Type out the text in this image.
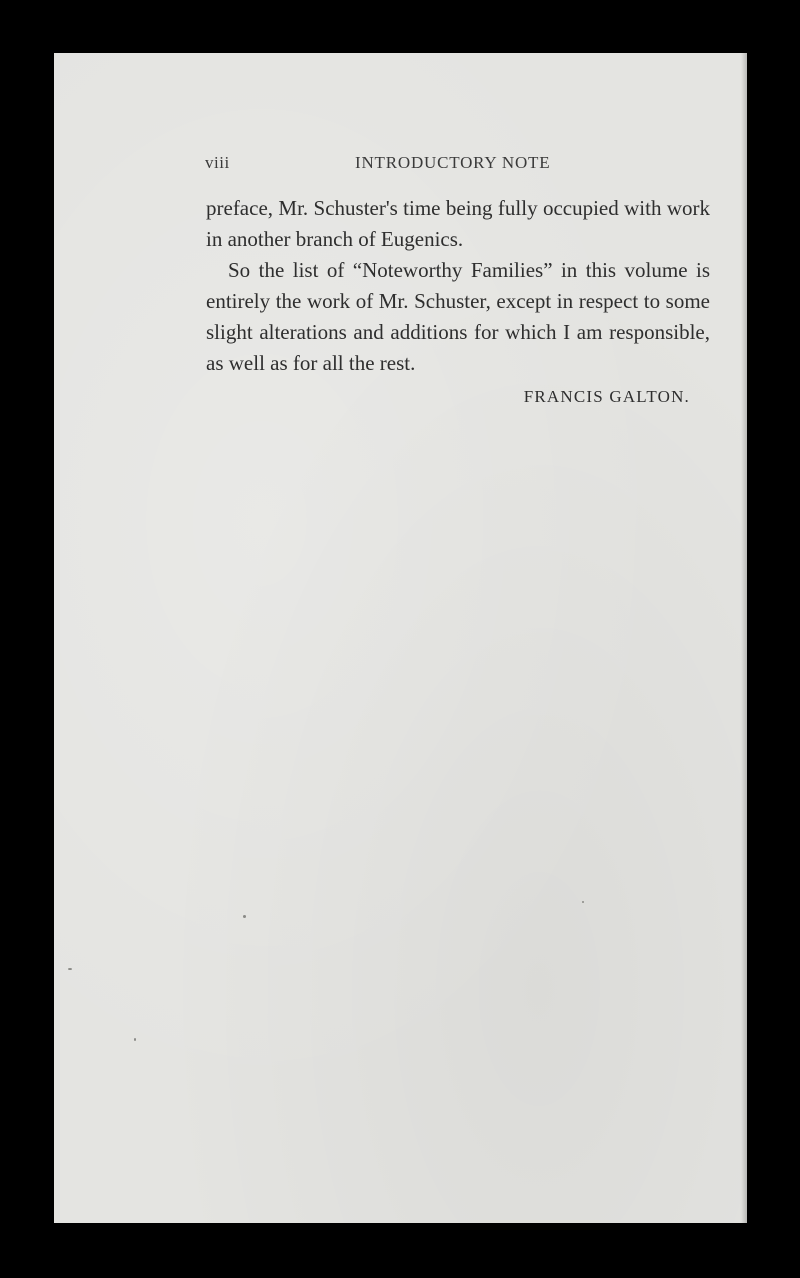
viii	INTRODUCTORY NOTE

preface, Mr. Schuster's time being fully occupied with work in another branch of Eugenics.

So the list of “Noteworthy Families” in this volume is entirely the work of Mr. Schuster, except in respect to some slight alterations and additions for which I am responsible, as well as for all the rest.

FRANCIS GALTON.
